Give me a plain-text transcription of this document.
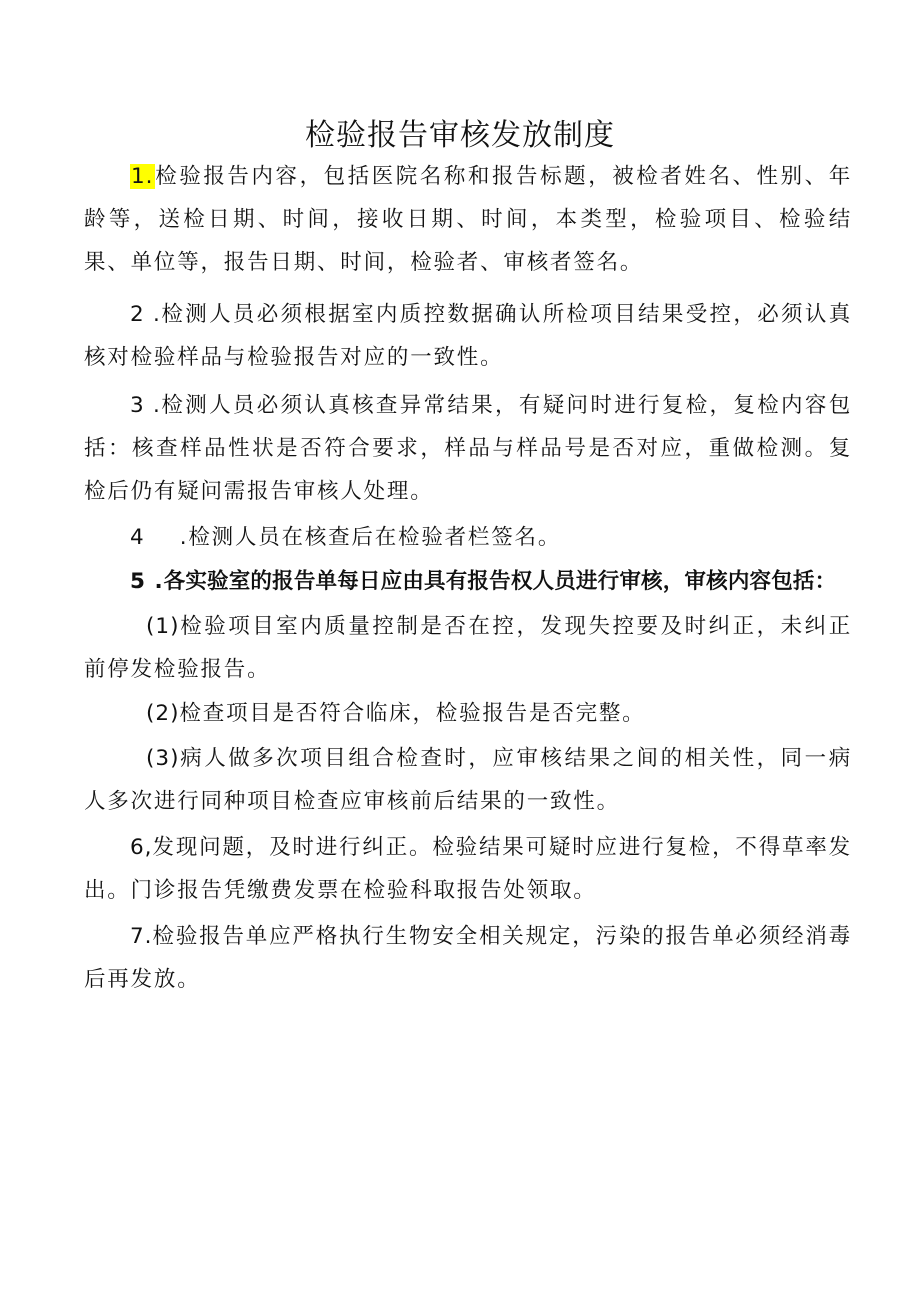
检验报告审核发放制度

1.检验报告内容，包括医院名称和报告标题，被检者姓名、性别、年龄等，送检日期、时间，接收日期、时间，本类型，检验项目、检验结果、单位等，报告日期、时间，检验者、审核者签名。

2 .检测人员必须根据室内质控数据确认所检项目结果受控，必须认真核对检验样品与检验报告对应的一致性。

3 .检测人员必须认真核查异常结果，有疑问时进行复检，复检内容包括：核查样品性状是否符合要求，样品与样品号是否对应，重做检测。复检后仍有疑问需报告审核人处理。

4.检测人员在核查后在检验者栏签名。

5 .各实验室的报告单每日应由具有报告权人员进行审核，审核内容包括：

(1)检验项目室内质量控制是否在控，发现失控要及时纠正，未纠正前停发检验报告。

(2)检查项目是否符合临床，检验报告是否完整。

(3)病人做多次项目组合检查时，应审核结果之间的相关性，同一病人多次进行同种项目检查应审核前后结果的一致性。

6,发现问题，及时进行纠正。检验结果可疑时应进行复检，不得草率发出。门诊报告凭缴费发票在检验科取报告处领取。

7.检验报告单应严格执行生物安全相关规定，污染的报告单必须经消毒后再发放。
